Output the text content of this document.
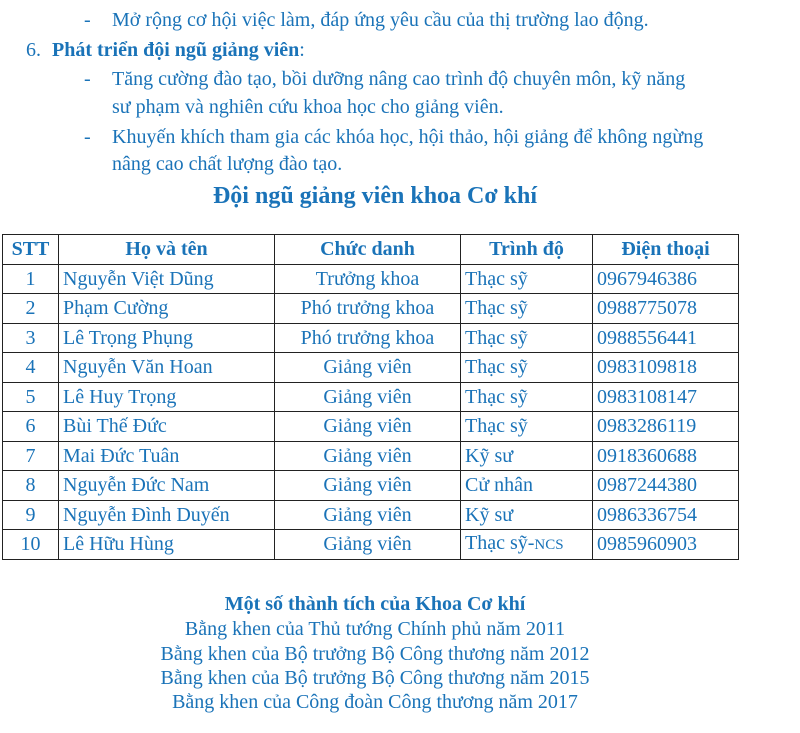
- Mở rộng cơ hội việc làm, đáp ứng yêu cầu của thị trường lao động.
6. Phát triển đội ngũ giảng viên:
- Tăng cường đào tạo, bồi dưỡng nâng cao trình độ chuyên môn, kỹ năng
sư phạm và nghiên cứu khoa học cho giảng viên.
- Khuyến khích tham gia các khóa học, hội thảo, hội giảng để không ngừng
nâng cao chất lượng đào tạo.
Đội ngũ giảng viên khoa Cơ khí
STT	Họ và tên	Chức danh	Trình độ	Điện thoại
1	Nguyễn Việt Dũng	Trưởng khoa	Thạc sỹ	0967946386
2	Phạm Cường	Phó trưởng khoa	Thạc sỹ	0988775078
3	Lê Trọng Phụng	Phó trưởng khoa	Thạc sỹ	0988556441
4	Nguyễn Văn Hoan	Giảng viên	Thạc sỹ	0983109818
5	Lê Huy Trọng	Giảng viên	Thạc sỹ	0983108147
6	Bùi Thế Đức	Giảng viên	Thạc sỹ	0983286119
7	Mai Đức Tuân	Giảng viên	Kỹ sư	0918360688
8	Nguyễn Đức Nam	Giảng viên	Cử nhân	0987244380
9	Nguyễn Đình Duyến	Giảng viên	Kỹ sư	0986336754
10	Lê Hữu Hùng	Giảng viên	Thạc sỹ-NCS	0985960903
Một số thành tích của Khoa Cơ khí
Bằng khen của Thủ tướng Chính phủ năm 2011
Bằng khen của Bộ trưởng Bộ Công thương năm 2012
Bằng khen của Bộ trưởng Bộ Công thương năm 2015
Bằng khen của Công đoàn Công thương năm 2017
